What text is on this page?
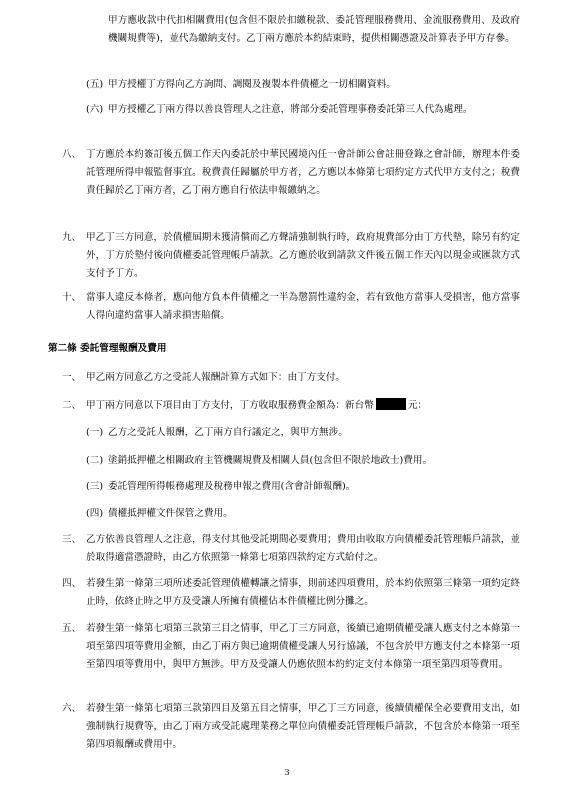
甲方應收款中代扣相關費用(包含但不限於扣繳稅款、委託管理服務費用、金流服務費用、及政府機關規費等)，並代為繳納支付。乙丁兩方應於本約結束時，提供相關憑證及計算表予甲方存參。

(五) 甲方授權丁方得向乙方詢問、調閱及複製本件債權之一切相關資料。

(六) 甲方授權乙丁兩方得以善良管理人之注意，將部分委託管理事務委託第三人代為處理。

八、 丁方應於本約簽訂後五個工作天內委託於中華民國境內任一會計師公會註冊登錄之會計師，辦理本件委託管理所得申報監督事宜。稅費責任歸屬於甲方者，乙方應以本條第七項約定方式代甲方支付之；稅費責任歸於乙丁兩方者，乙丁兩方應自行依法申報繳納之。

九、 甲乙丁三方同意，於債權屆期未獲清償而乙方聲請強制執行時，政府規費部分由丁方代墊，除另有約定外，丁方於墊付後向債權委託管理帳戶請款。乙方應於收到請款文件後五個工作天內以現金或匯款方式支付予丁方。

十、 當事人違反本條者，應向他方負本件債權之一半為懲罰性違約金，若有致他方當事人受損害，他方當事人得向違約當事人請求損害賠償。

第二條 委託管理報酬及費用

一、 甲乙兩方同意乙方之受託人報酬計算方式如下：由丁方支付。

二、 甲丁兩方同意以下項目由丁方支付，丁方收取服務費金額為：新台幣	元：

(一) 乙方之受託人報酬，乙丁兩方自行議定之，與甲方無涉。

(二) 塗銷抵押權之相關政府主管機關規費及相關人員(包含但不限於地政士)費用。

(三) 委託管理所得帳務處理及稅務申報之費用(含會計師報酬)。

(四) 債權抵押權文件保管之費用。

三、 乙方依善良管理人之注意，得支付其他受託期間必要費用；費用由收取方向債權委託管理帳戶請款，並於取得適當憑證時，由乙方依照第一條第七項第四款約定方式給付之。

四、 若發生第一條第三項所述委託管理債權轉讓之情事，則前述四項費用，於本約依照第三條第一項約定終止時，依終止時之甲方及受讓人所擁有債權佔本件債權比例分攤之。

五、 若發生第一條第七項第三款第三目之情事，甲乙丁三方同意，後續已逾期債權受讓人應支付之本條第一項至第四項等費用金額，由乙丁兩方與已逾期債權受讓人另行協議，不包含於甲方應支付之本條第一項至第四項等費用中，與甲方無涉。甲方及受讓人仍應依照本約約定支付本條第一項至第四項等費用。

六、 若發生第一條第七項第三款第四目及第五目之情事，甲乙丁三方同意，後續債權保全必要費用支出，如強制執行規費等，由乙丁兩方或受託處理業務之單位向債權委託管理帳戶請款，不包含於本條第一項至第四項報酬或費用中。

3
